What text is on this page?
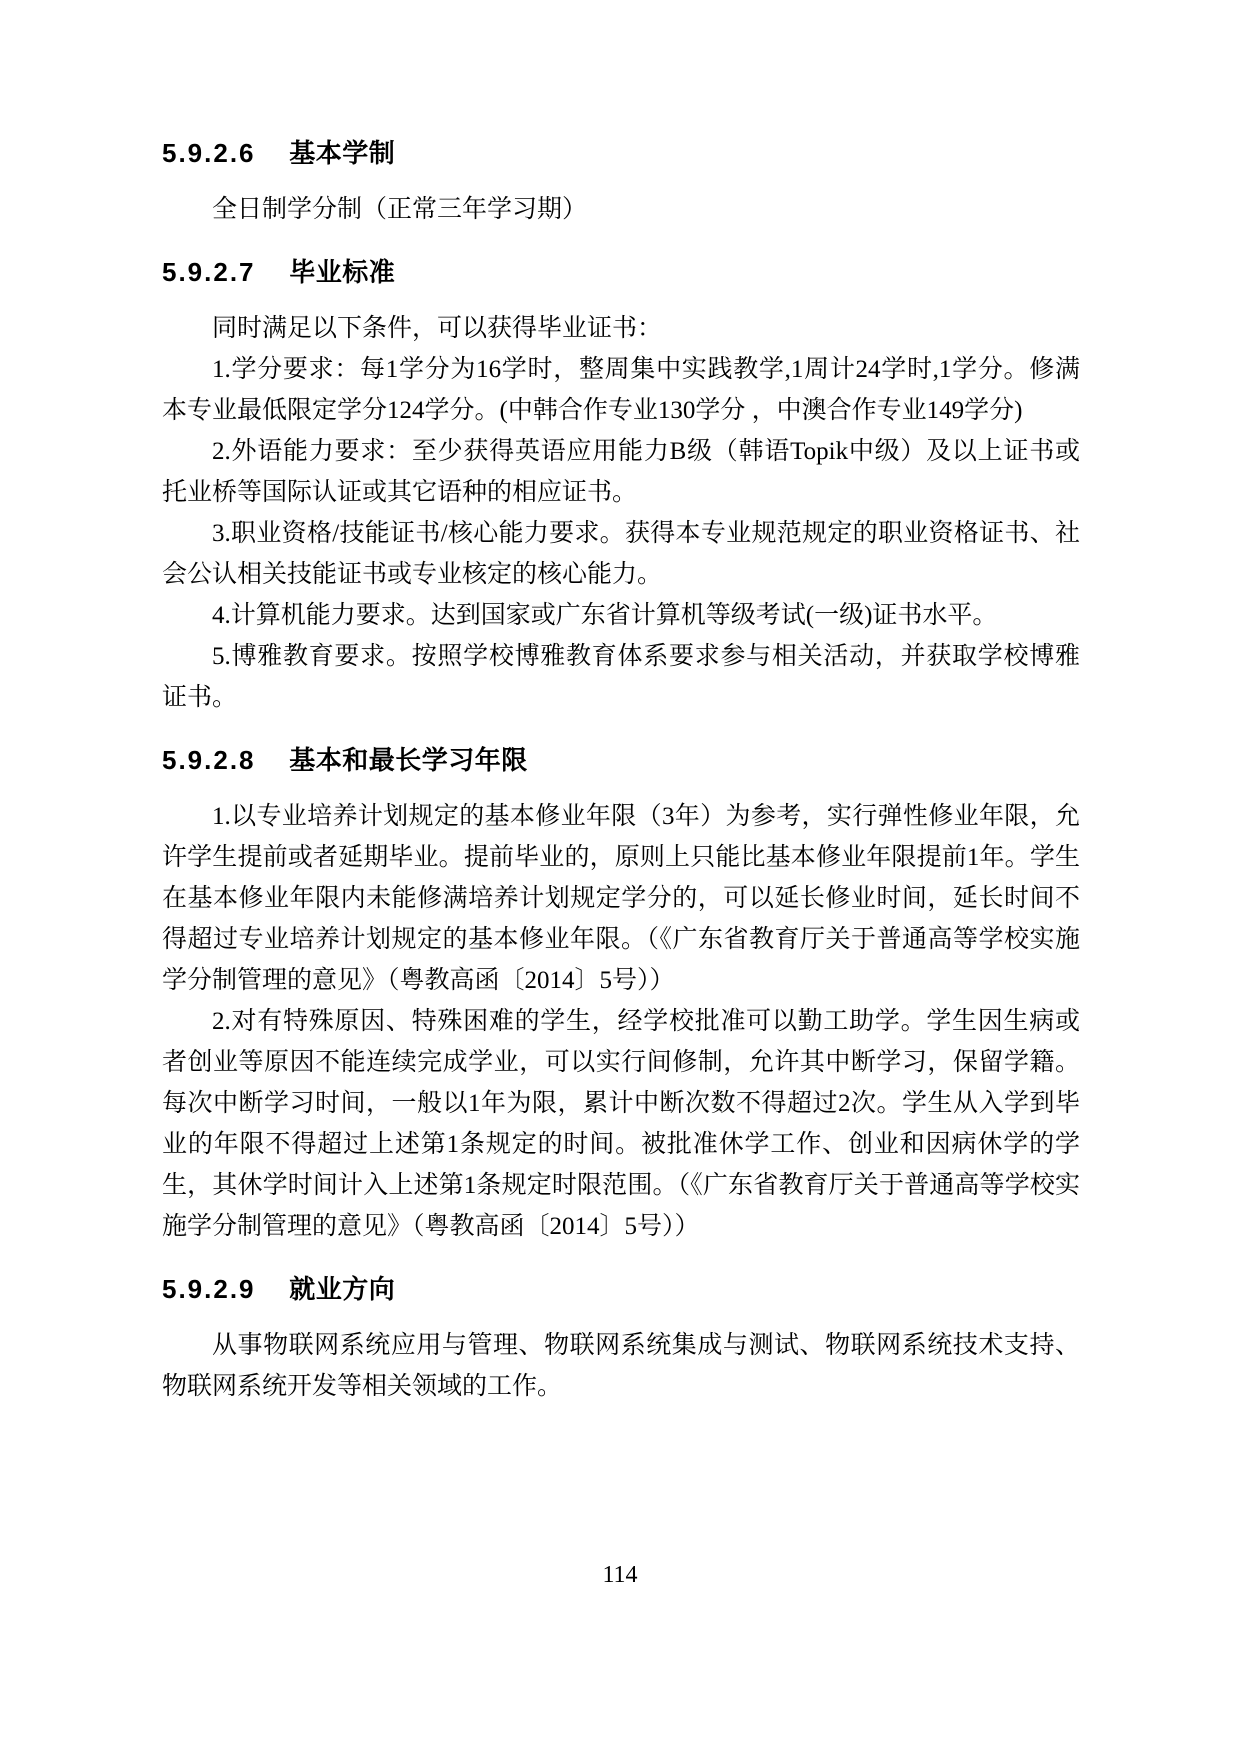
5.9.2.6 基本学制

全日制学分制（正常三年学习期）

5.9.2.7 毕业标准

同时满足以下条件，可以获得毕业证书：

1.学分要求：每1学分为16学时，整周集中实践教学,1周计24学时,1学分。修满本专业最低限定学分124学分。(中韩合作专业130学分 ，中澳合作专业149学分)

2.外语能力要求：至少获得英语应用能力B级（韩语Topik中级）及以上证书或托业桥等国际认证或其它语种的相应证书。

3.职业资格/技能证书/核心能力要求。获得本专业规范规定的职业资格证书、社会公认相关技能证书或专业核定的核心能力。

4.计算机能力要求。达到国家或广东省计算机等级考试(一级)证书水平。

5.博雅教育要求。按照学校博雅教育体系要求参与相关活动，并获取学校博雅证书。

5.9.2.8 基本和最长学习年限

1.以专业培养计划规定的基本修业年限（3年）为参考，实行弹性修业年限，允许学生提前或者延期毕业。提前毕业的，原则上只能比基本修业年限提前1年。学生在基本修业年限内未能修满培养计划规定学分的，可以延长修业时间，延长时间不得超过专业培养计划规定的基本修业年限。（《广东省教育厅关于普通高等学校实施学分制管理的意见》（粤教高函〔2014〕5号））

2.对有特殊原因、特殊困难的学生，经学校批准可以勤工助学。学生因生病或者创业等原因不能连续完成学业，可以实行间修制，允许其中断学习，保留学籍。每次中断学习时间，一般以1年为限，累计中断次数不得超过2次。学生从入学到毕业的年限不得超过上述第1条规定的时间。被批准休学工作、创业和因病休学的学生，其休学时间计入上述第1条规定时限范围。（《广东省教育厅关于普通高等学校实施学分制管理的意见》（粤教高函〔2014〕5号））

5.9.2.9 就业方向

从事物联网系统应用与管理、物联网系统集成与测试、物联网系统技术支持、物联网系统开发等相关领域的工作。

114
